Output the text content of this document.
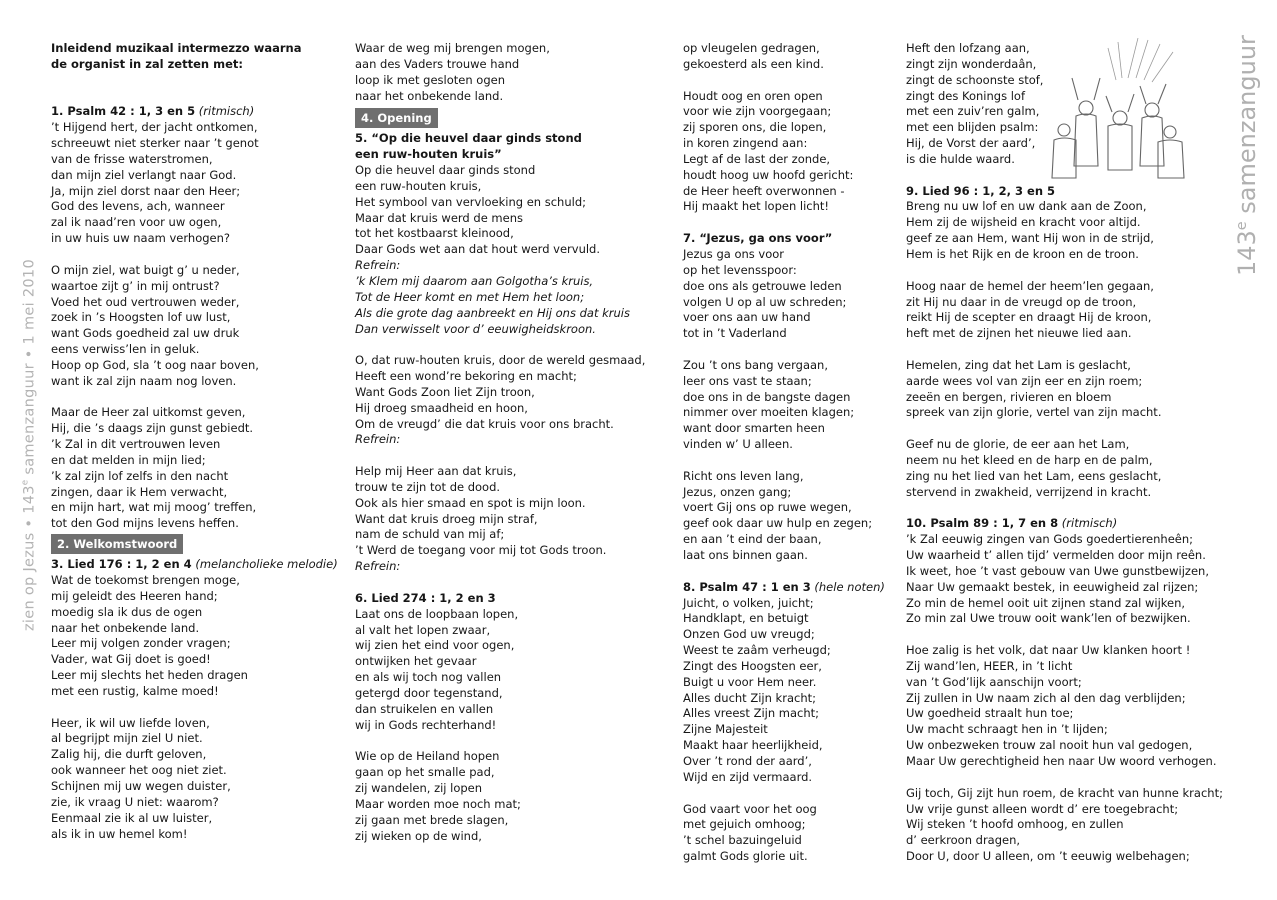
zien op Jezus • 143e samenzanguur • 1 mei 2010
143e samenzanguur

Inleidend muzikaal intermezzo waarna

de organist in zal zetten met:

1. Psalm 42 : 1, 3 en 5 (ritmisch)

’t Hijgend hert, der jacht ontkomen,

schreeuwt niet sterker naar ’t genot

van de frisse waterstromen,

dan mijn ziel verlangt naar God.

Ja, mijn ziel dorst naar den Heer;

God des levens, ach, wanneer

zal ik naad’ren voor uw ogen,

in uw huis uw naam verhogen?

O mijn ziel, wat buigt g’ u neder,

waartoe zijt g’ in mij ontrust?

Voed het oud vertrouwen weder,

zoek in ’s Hoogsten lof uw lust,

want Gods goedheid zal uw druk

eens verwiss’len in geluk.

Hoop op God, sla ’t oog naar boven,

want ik zal zijn naam nog loven.

Maar de Heer zal uitkomst geven,

Hij, die ’s daags zijn gunst gebiedt.

’k Zal in dit vertrouwen leven

en dat melden in mijn lied;

’k zal zijn lof zelfs in den nacht

zingen, daar ik Hem verwacht,

en mijn hart, wat mij moog’ treffen,

tot den God mijns levens heffen.

2. Welkomstwoord

3. Lied 176 : 1, 2 en 4 (melancholieke melodie)

Wat de toekomst brengen moge,

mij geleidt des Heeren hand;

moedig sla ik dus de ogen

naar het onbekende land.

Leer mij volgen zonder vragen;

Vader, wat Gij doet is goed!

Leer mij slechts het heden dragen

met een rustig, kalme moed!

Heer, ik wil uw liefde loven,

al begrijpt mijn ziel U niet.

Zalig hij, die durft geloven,

ook wanneer het oog niet ziet.

Schijnen mij uw wegen duister,

zie, ik vraag U niet: waarom?

Eenmaal zie ik al uw luister,

als ik in uw hemel kom!

Waar de weg mij brengen mogen,

aan des Vaders trouwe hand

loop ik met gesloten ogen

naar het onbekende land.

4. Opening

5. “Op die heuvel daar ginds stond

een ruw-houten kruis”

Op die heuvel daar ginds stond

een ruw-houten kruis,

Het symbool van vervloeking en schuld;

Maar dat kruis werd de mens

tot het kostbaarst kleinood,

Daar Gods wet aan dat hout werd vervuld.

Refrein:

’k Klem mij daarom aan Golgotha’s kruis,

Tot de Heer komt en met Hem het loon;

Als die grote dag aanbreekt en Hij ons dat kruis

Dan verwisselt voor d’ eeuwigheidskroon.

O, dat ruw-houten kruis, door de wereld gesmaad,

Heeft een wond’re bekoring en macht;

Want Gods Zoon liet Zijn troon,

Hij droeg smaadheid en hoon,

Om de vreugd’ die dat kruis voor ons bracht.

Refrein:

Help mij Heer aan dat kruis,

trouw te zijn tot de dood.

Ook als hier smaad en spot is mijn loon.

Want dat kruis droeg mijn straf,

nam de schuld van mij af;

’t Werd de toegang voor mij tot Gods troon.

Refrein:

6. Lied 274 : 1, 2 en 3

Laat ons de loopbaan lopen,

al valt het lopen zwaar,

wij zien het eind voor ogen,

ontwijken het gevaar

en als wij toch nog vallen

getergd door tegenstand,

dan struikelen en vallen

wij in Gods rechterhand!

Wie op de Heiland hopen

gaan op het smalle pad,

zij wandelen, zij lopen

Maar worden moe noch mat;

zij gaan met brede slagen,

zij wieken op de wind,

op vleugelen gedragen,

gekoesterd als een kind.

Houdt oog en oren open

voor wie zijn voorgegaan;

zij sporen ons, die lopen,

in koren zingend aan:

Legt af de last der zonde,

houdt hoog uw hoofd gericht:

de Heer heeft overwonnen -

Hij maakt het lopen licht!

7. “Jezus, ga ons voor”

Jezus ga ons voor

op het levensspoor:

doe ons als getrouwe leden

volgen U op al uw schreden;

voer ons aan uw hand

tot in ’t Vaderland

Zou ’t ons bang vergaan,

leer ons vast te staan;

doe ons in de bangste dagen

nimmer over moeiten klagen;

want door smarten heen

vinden w’ U alleen.

Richt ons leven lang,

Jezus, onzen gang;

voert Gij ons op ruwe wegen,

geef ook daar uw hulp en zegen;

en aan ’t eind der baan,

laat ons binnen gaan.

8. Psalm 47 : 1 en 3 (hele noten)

Juicht, o volken, juicht;

Handklapt, en betuigt

Onzen God uw vreugd;

Weest te zaâm verheugd;

Zingt des Hoogsten eer,

Buigt u voor Hem neer.

Alles ducht Zijn kracht;

Alles vreest Zijn macht;

Zijne Majesteit

Maakt haar heerlijkheid,

Over ’t rond der aard’,

Wijd en zijd vermaard.

God vaart voor het oog

met gejuich omhoog;

’t schel bazuingeluid

galmt Gods glorie uit.

Heft den lofzang aan,

zingt zijn wonderdaân,

zingt de schoonste stof,

zingt des Konings lof

met een zuiv’ren galm,

met een blijden psalm:

Hij, de Vorst der aard’,

is die hulde waard.

9. Lied 96 : 1, 2, 3 en 5

Breng nu uw lof en uw dank aan de Zoon,

Hem zij de wijsheid en kracht voor altijd.

geef ze aan Hem, want Hij won in de strijd,

Hem is het Rijk en de kroon en de troon.

Hoog naar de hemel der heem’len gegaan,

zit Hij nu daar in de vreugd op de troon,

reikt Hij de scepter en draagt Hij de kroon,

heft met de zijnen het nieuwe lied aan.

Hemelen, zing dat het Lam is geslacht,

aarde wees vol van zijn eer en zijn roem;

zeeën en bergen, rivieren en bloem

spreek van zijn glorie, vertel van zijn macht.

Geef nu de glorie, de eer aan het Lam,

neem nu het kleed en de harp en de palm,

zing nu het lied van het Lam, eens geslacht,

stervend in zwakheid, verrijzend in kracht.

10. Psalm 89 : 1, 7 en 8 (ritmisch)

’k Zal eeuwig zingen van Gods goedertierenheên;

Uw waarheid t’ allen tijd’ vermelden door mijn reên.

Ik weet, hoe ’t vast gebouw van Uwe gunstbewijzen,

Naar Uw gemaakt bestek, in eeuwigheid zal rijzen;

Zo min de hemel ooit uit zijnen stand zal wijken,

Zo min zal Uwe trouw ooit wank’len of bezwijken.

Hoe zalig is het volk, dat naar Uw klanken hoort !

Zij wand’len, HEER, in ’t licht

van ’t God’lijk aanschijn voort;

Zij zullen in Uw naam zich al den dag verblijden;

Uw goedheid straalt hun toe;

Uw macht schraagt hen in ’t lijden;

Uw onbezweken trouw zal nooit hun val gedogen,

Maar Uw gerechtigheid hen naar Uw woord verhogen.

Gij toch, Gij zijt hun roem, de kracht van hunne kracht;

Uw vrije gunst alleen wordt d’ ere toegebracht;

Wij steken ’t hoofd omhoog, en zullen

d’ eerkroon dragen,

Door U, door U alleen, om ’t eeuwig welbehagen;
